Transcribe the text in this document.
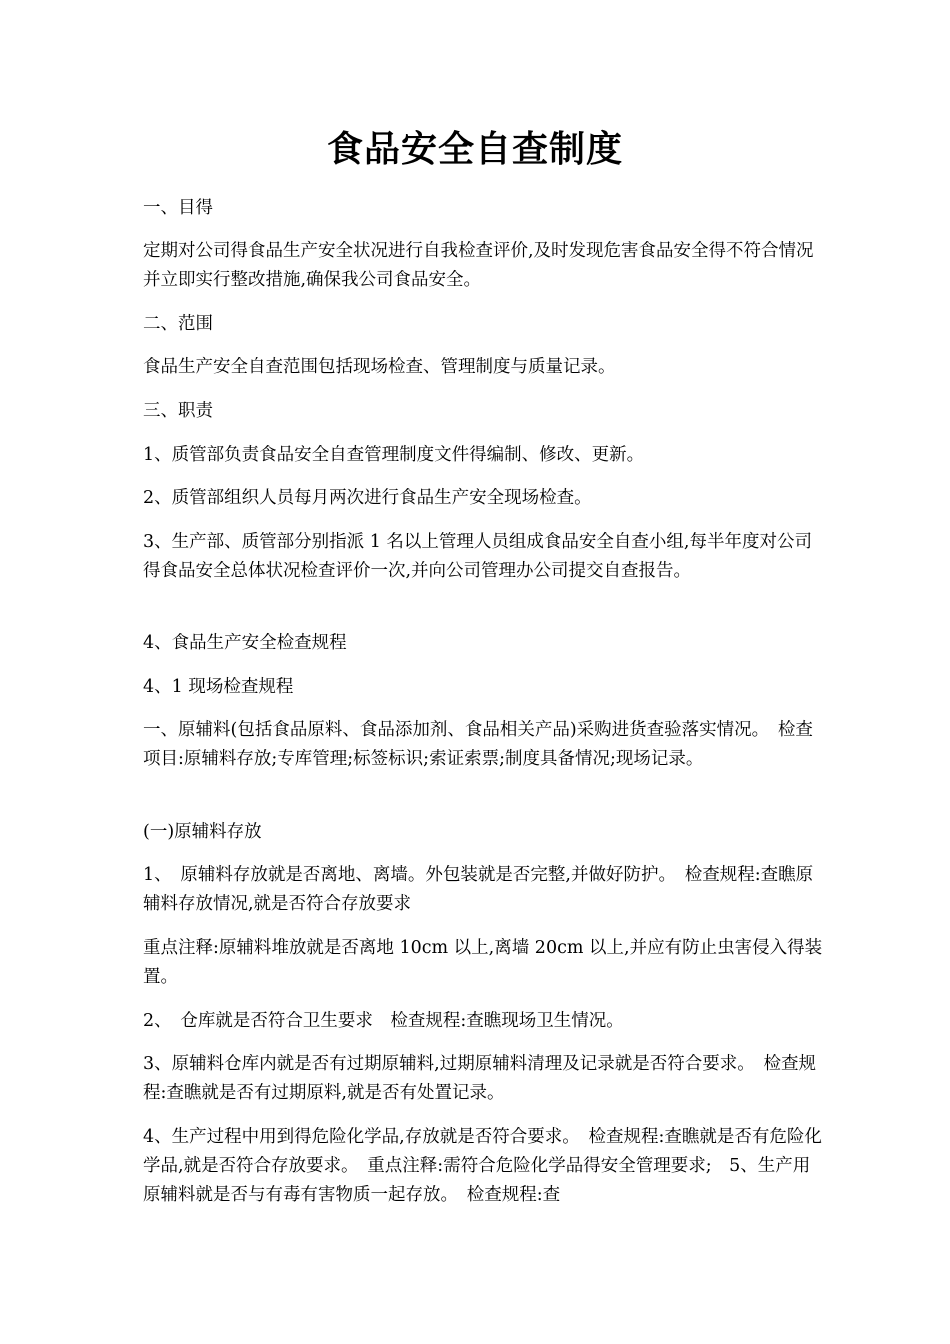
食品安全自查制度

一、目得

定期对公司得食品生产安全状况进行自我检查评价,及时发现危害食品安全得不符合情况并立即实行整改措施,确保我公司食品安全。

二、范围

食品生产安全自查范围包括现场检查、管理制度与质量记录。

三、职责

1、质管部负责食品安全自查管理制度文件得编制、修改、更新。

2、质管部组织人员每月两次进行食品生产安全现场检查。

3、生产部、质管部分别指派 1 名以上管理人员组成食品安全自查小组,每半年度对公司得食品安全总体状况检查评价一次,并向公司管理办公司提交自查报告。

4、食品生产安全检查规程

4、1 现场检查规程

一、原辅料(包括食品原料、食品添加剂、食品相关产品)采购进货查验落实情况。　检查项目:原辅料存放;专库管理;标签标识;索证索票;制度具备情况;现场记录。

(一)原辅料存放

1、　原辅料存放就是否离地、离墙。外包装就是否完整,并做好防护。　检查规程:查瞧原辅料存放情况,就是否符合存放要求

重点注释:原辅料堆放就是否离地 10cm 以上,离墙 20cm 以上,并应有防止虫害侵入得装置。

2、　仓库就是否符合卫生要求　检查规程:查瞧现场卫生情况。

3、原辅料仓库内就是否有过期原辅料,过期原辅料清理及记录就是否符合要求。　检查规程:查瞧就是否有过期原料,就是否有处置记录。

4、生产过程中用到得危险化学品,存放就是否符合要求。　检查规程:查瞧就是否有危险化学品,就是否符合存放要求。　重点注释:需符合危险化学品得安全管理要求;　5、生产用原辅料就是否与有毒有害物质一起存放。　检查规程:查
